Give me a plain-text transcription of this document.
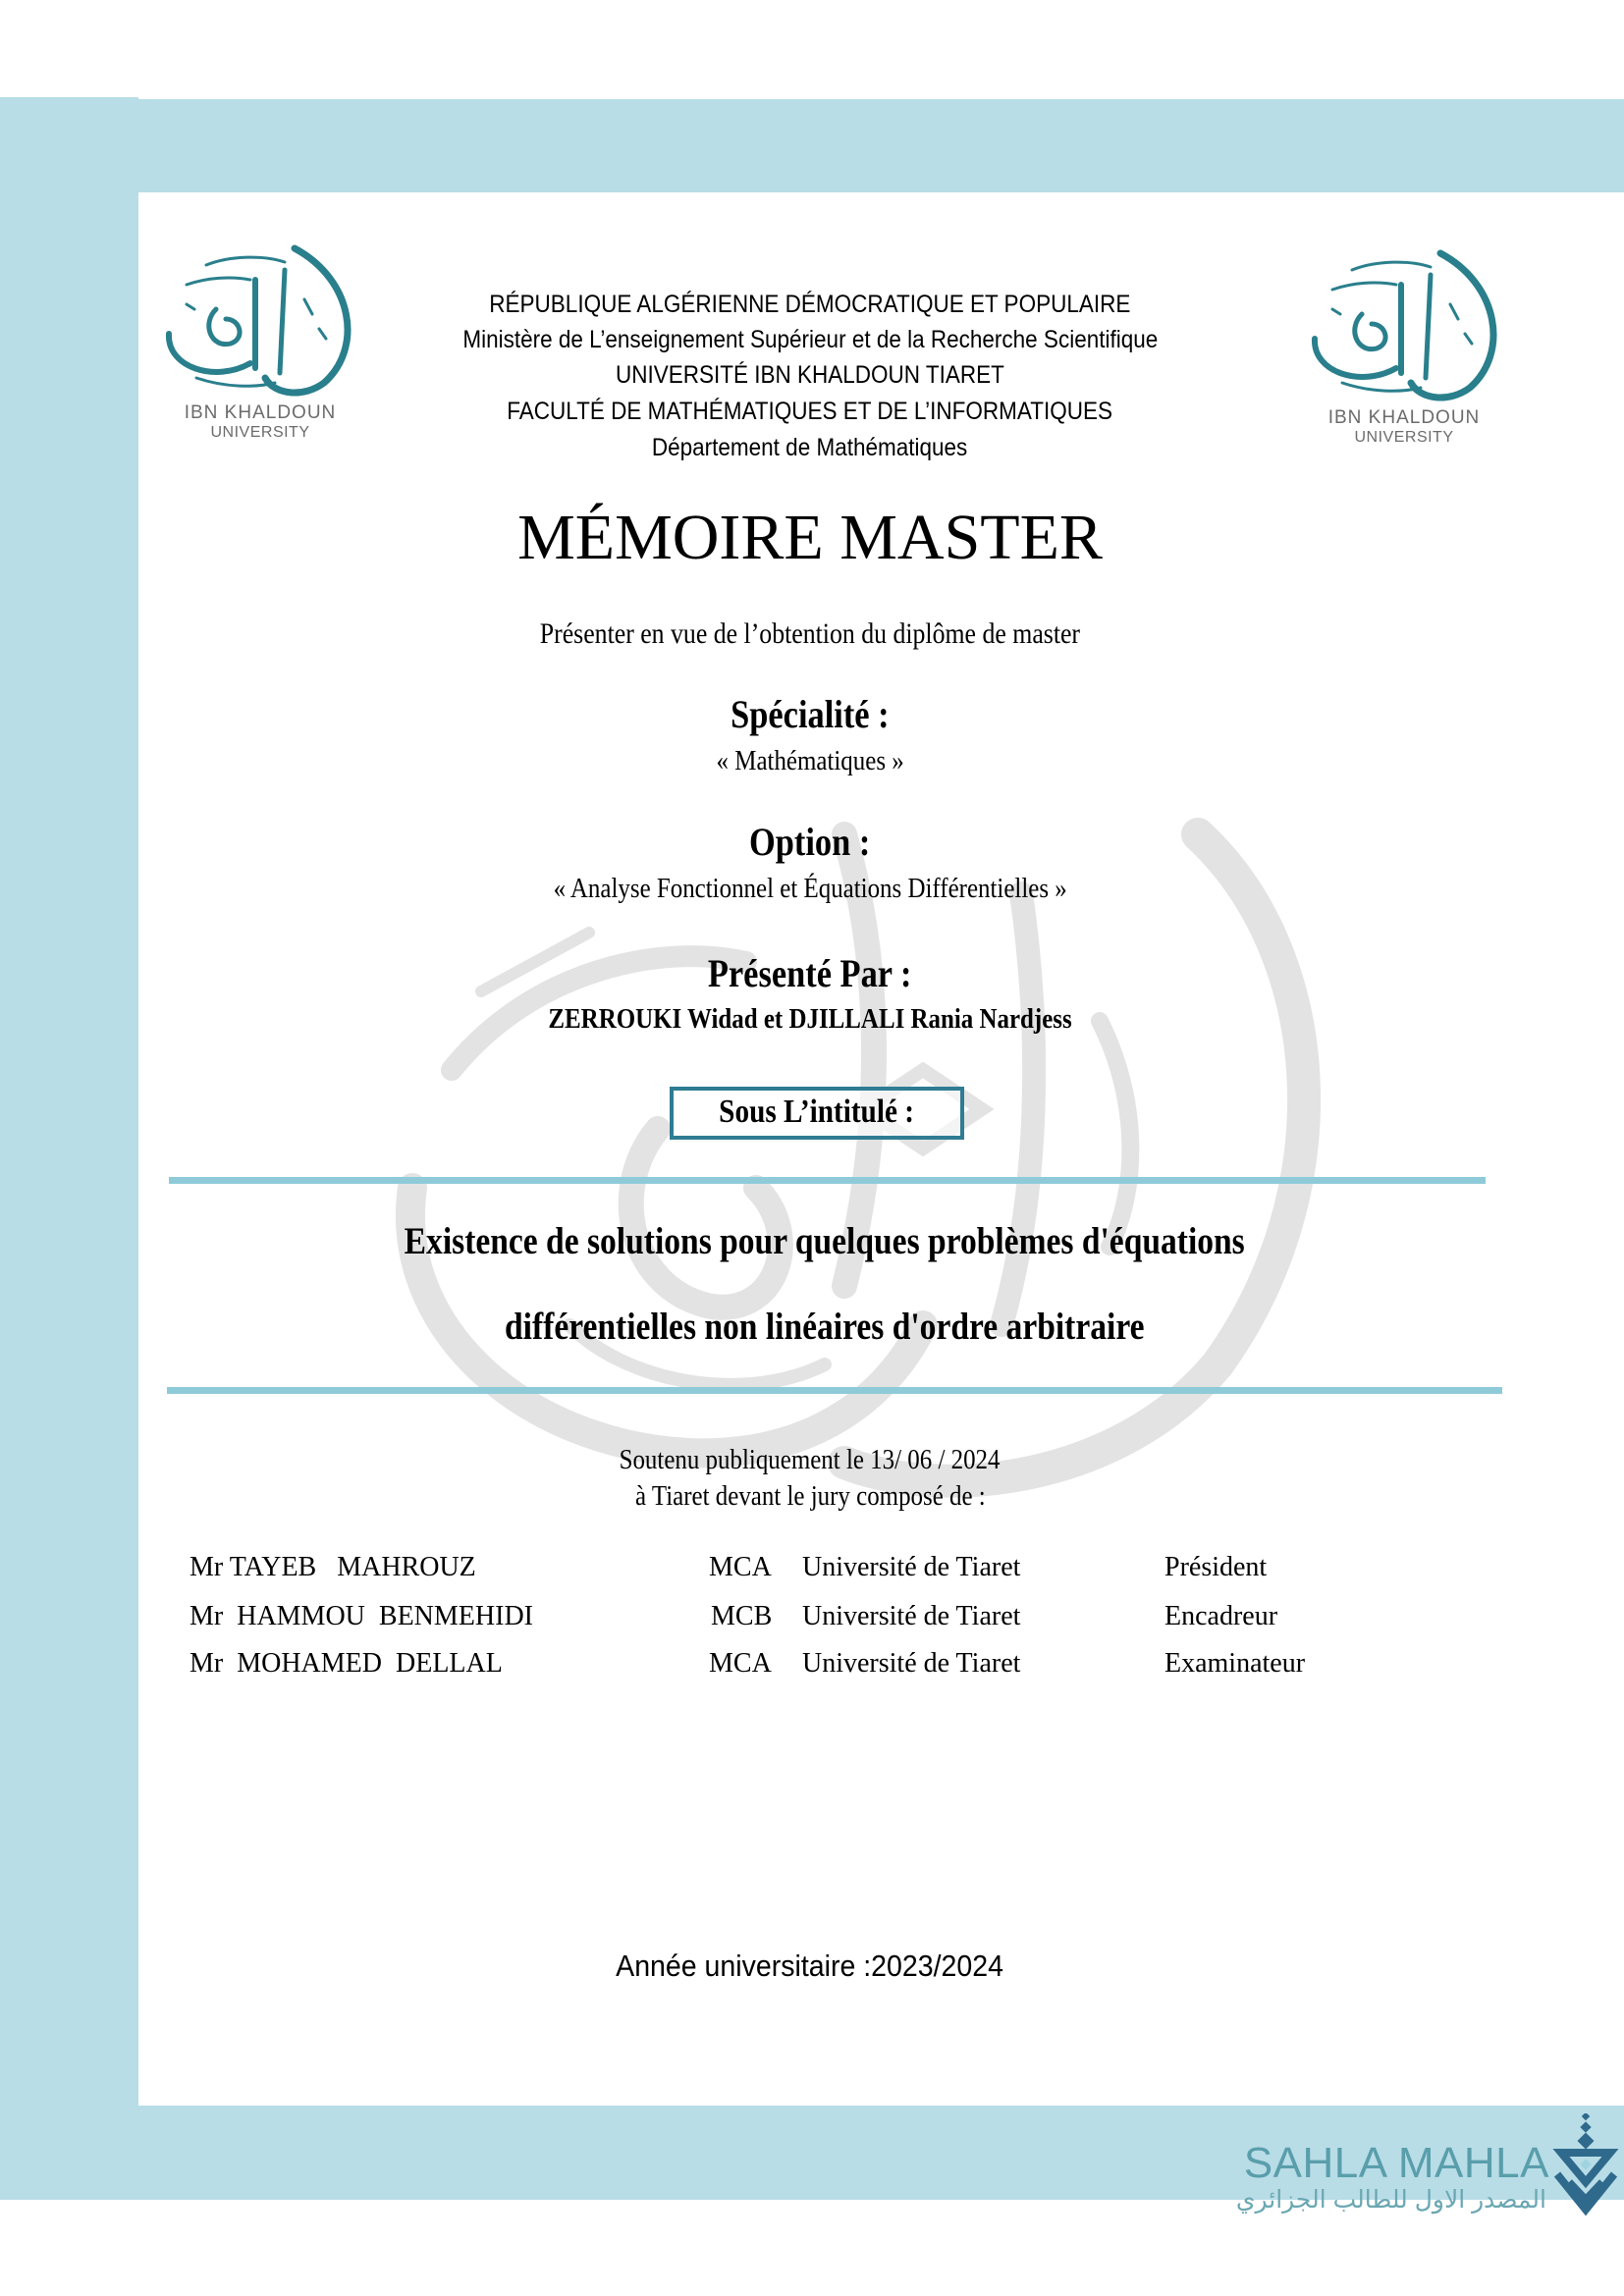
IBN KHALDOUN
UNIVERSITY
IBN KHALDOUN
UNIVERSITY
RÉPUBLIQUE ALGÉRIENNE DÉMOCRATIQUE ET POPULAIRE
Ministère de L’enseignement Supérieur et de la Recherche Scientifique
UNIVERSITÉ IBN KHALDOUN TIARET
FACULTÉ DE MATHÉMATIQUES ET DE L’INFORMATIQUES
Département de Mathématiques
MÉMOIRE MASTER
Présenter en vue de l’obtention du diplôme de master
Spécialité :
« Mathématiques »
Option :
« Analyse Fonctionnel et Équations Différentielles »
Présenté Par :
ZERROUKI Widad et DJILLALI Rania Nardjess
Sous L’intitulé :
Existence de solutions pour quelques problèmes d'équations
différentielles non linéaires d'ordre arbitraire
Soutenu publiquement le 13/ 06 / 2024
à Tiaret devant le jury composé de :
Mr TAYEB   MAHROUZ	MCA Université de Tiaret	Président
Mr  HAMMOU  BENMEHIDI	MCB Université de Tiaret	Encadreur
Mr  MOHAMED  DELLAL	MCA Université de Tiaret	Examinateur
Année universitaire :2023/2024
SAHLA MAHLA
المصدر الاول للطالب الجزائري
